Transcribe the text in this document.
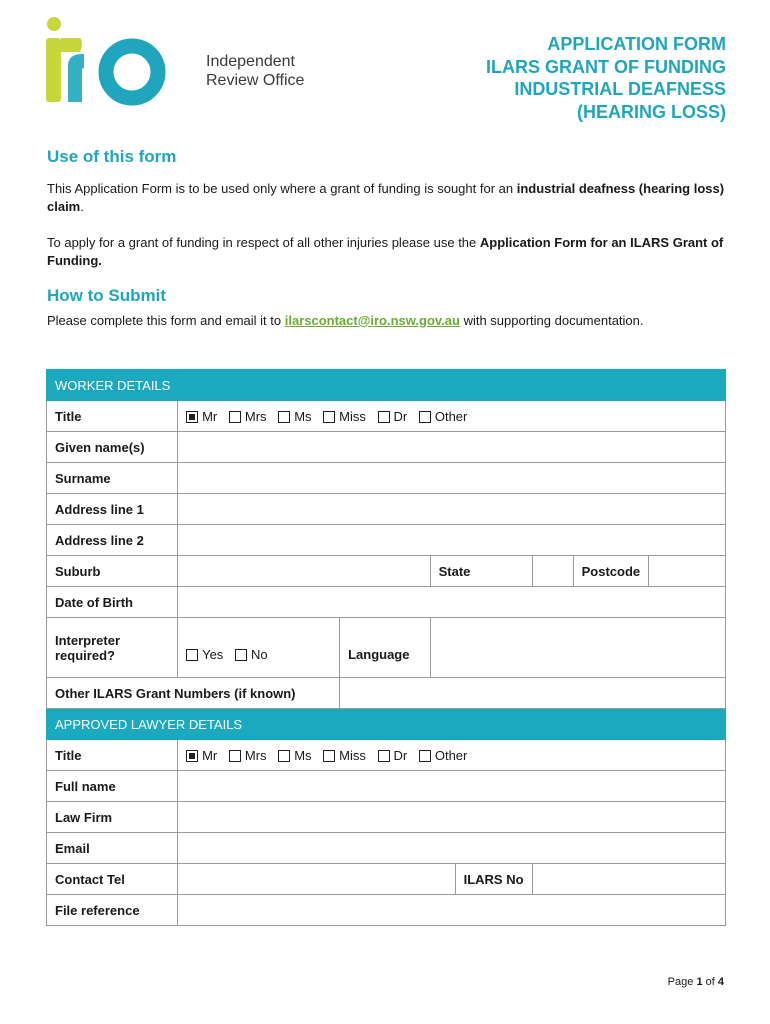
Independent
Review Office
APPLICATION FORM
ILARS GRANT OF FUNDING
INDUSTRIAL DEAFNESS
(HEARING LOSS)
Use of this form
This Application Form is to be used only where a grant of funding is sought for an industrial deafness (hearing loss) claim.
To apply for a grant of funding in respect of all other injuries please use the Application Form for an ILARS Grant of Funding.
How to Submit
Please complete this form and email it to ilarscontact@iro.nsw.gov.au with supporting documentation.
WORKER DETAILS							
Title	Mr Mrs Ms Miss Dr Other						
Given name(s)							
Surname							
Address line 1							
Address line 2							
Suburb			State			Postcode	
Date of Birth							

Interpreter
required?	Yes No	Language					
Other ILARS Grant Numbers (if known)							
APPROVED LAWYER DETAILS							
Title	Mr Mrs Ms Miss Dr Other						
Full name							
Law Firm							
Email							
Contact Tel				ILARS No			
File reference							
Page 1 of 4
